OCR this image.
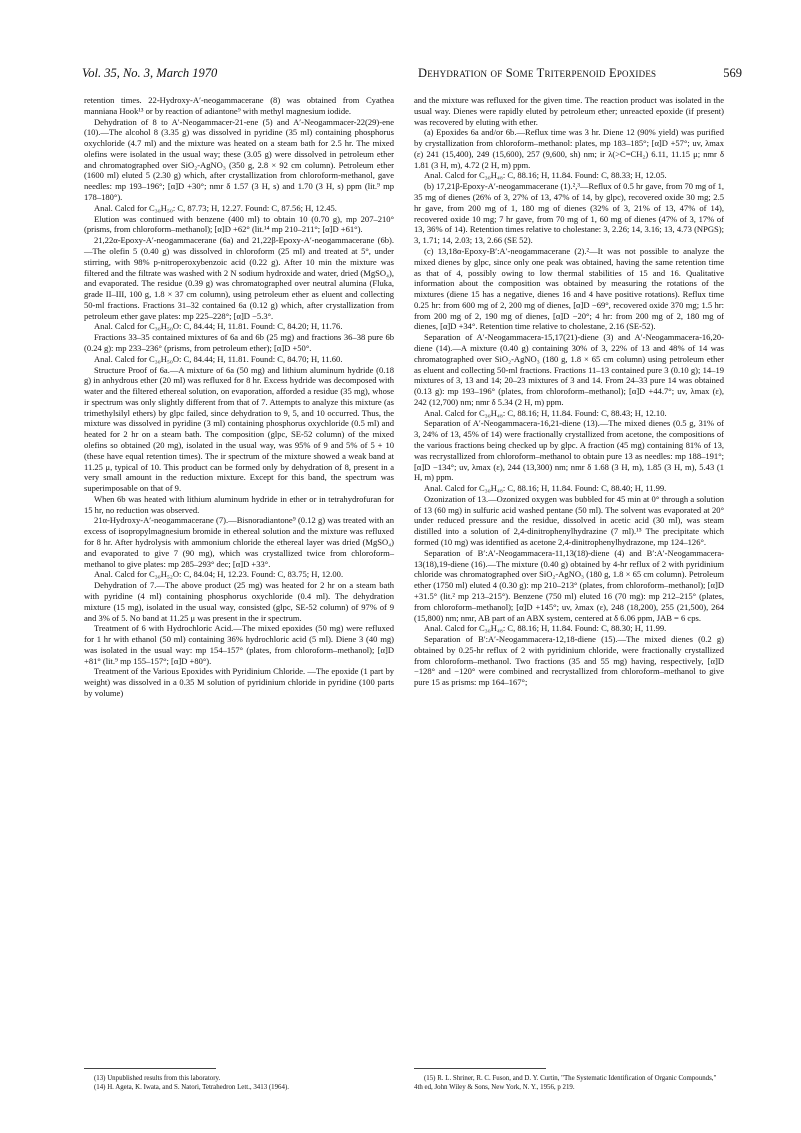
Vol. 35, No. 3, March 1970	Dehydration of Some Triterpenoid Epoxides	569

retention times. 22-Hydroxy-A′-neogammacerane (8) was obtained from Cyathea manniana Hook¹³ or by reaction of adiantone⁹ with methyl magnesium iodide.

Dehydration of 8 to A′-Neogammacer-21-ene (5) and A′-Neogammacer-22(29)-ene (10).—The alcohol 8 (3.35 g) was dissolved in pyridine (35 ml) containing phosphorus oxychloride (4.7 ml) and the mixture was heated on a steam bath for 2.5 hr. The mixed olefins were isolated in the usual way; these (3.05 g) were dissolved in petroleum ether and chromatographed over SiO₂-AgNO₃ (350 g, 2.8 × 92 cm column). Petroleum ether (1600 ml) eluted 5 (2.30 g) which, after crystallization from chloroform-methanol, gave needles: mp 193–196°; [α]D +30°; nmr δ 1.57 (3 H, s) and 1.70 (3 H, s) ppm (lit.⁹ mp 178–180°).

Anal. Calcd for C₃₀H₅₀: C, 87.73; H, 12.27. Found: C, 87.56; H, 12.45.

Elution was continued with benzene (400 ml) to obtain 10 (0.70 g), mp 207–210° (prisms, from chloroform–methanol); [α]D +62° (lit.¹⁴ mp 210–211°; [α]D +61°).

21,22α-Epoxy-A′-neogammacerane (6a) and 21,22β-Epoxy-A′-neogammacerane (6b).—The olefin 5 (0.40 g) was dissolved in chloroform (25 ml) and treated at 5°, under stirring, with 98% p-nitroperoxybenzoic acid (0.22 g). After 10 min the mixture was filtered and the filtrate was washed with 2 N sodium hydroxide and water, dried (MgSO₄), and evaporated. The residue (0.39 g) was chromatographed over neutral alumina (Fluka, grade II–III, 100 g, 1.8 × 37 cm column), using petroleum ether as eluent and collecting 50-ml fractions. Fractions 31–32 contained 6a (0.12 g) which, after crystallization from petroleum ether gave plates: mp 225–228°; [α]D −5.3°.

Anal. Calcd for C₃₀H₅₀O: C, 84.44; H, 11.81. Found: C, 84.20; H, 11.76.

Fractions 33–35 contained mixtures of 6a and 6b (25 mg) and fractions 36–38 pure 6b (0.24 g): mp 233–236° (prisms, from petroleum ether); [α]D +50°.

Anal. Calcd for C₃₀H₅₀O: C, 84.44; H, 11.81. Found: C, 84.70; H, 11.60.

Structure Proof of 6a.—A mixture of 6a (50 mg) and lithium aluminum hydride (0.18 g) in anhydrous ether (20 ml) was refluxed for 8 hr. Excess hydride was decomposed with water and the filtered ethereal solution, on evaporation, afforded a residue (35 mg), whose ir spectrum was only slightly different from that of 7. Attempts to analyze this mixture (as trimethylsilyl ethers) by glpc failed, since dehydration to 9, 5, and 10 occurred. Thus, the mixture was dissolved in pyridine (3 ml) containing phosphorus oxychloride (0.5 ml) and heated for 2 hr on a steam bath. The composition (glpc, SE-52 column) of the mixed olefins so obtained (20 mg), isolated in the usual way, was 95% of 9 and 5% of 5 + 10 (these have equal retention times). The ir spectrum of the mixture showed a weak band at 11.25 μ, typical of 10. This product can be formed only by dehydration of 8, present in a very small amount in the reduction mixture. Except for this band, the spectrum was superimposable on that of 9.

When 6b was heated with lithium aluminum hydride in ether or in tetrahydrofuran for 15 hr, no reduction was observed.

21α-Hydroxy-A′-neogammacerane (7).—Bisnoradiantone⁹ (0.12 g) was treated with an excess of isopropylmagnesium bromide in ethereal solution and the mixture was refluxed for 8 hr. After hydrolysis with ammonium chloride the ethereal layer was dried (MgSO₄) and evaporated to give 7 (90 mg), which was crystallized twice from chloroform–methanol to give plates: mp 285–293° dec; [α]D +33°.

Anal. Calcd for C₃₀H₅₂O: C, 84.04; H, 12.23. Found: C, 83.75; H, 12.00.

Dehydration of 7.—The above product (25 mg) was heated for 2 hr on a steam bath with pyridine (4 ml) containing phosphorus oxychloride (0.4 ml). The dehydration mixture (15 mg), isolated in the usual way, consisted (glpc, SE-52 column) of 97% of 9 and 3% of 5. No band at 11.25 μ was present in the ir spectrum.

Treatment of 6 with Hydrochloric Acid.—The mixed epoxides (50 mg) were refluxed for 1 hr with ethanol (50 ml) containing 36% hydrochloric acid (5 ml). Diene 3 (40 mg) was isolated in the usual way: mp 154–157° (plates, from chloroform–methanol); [α]D +81° (lit.⁹ mp 155–157°; [α]D +80°).

Treatment of the Various Epoxides with Pyridinium Chloride. —The epoxide (1 part by weight) was dissolved in a 0.35 M solution of pyridinium chloride in pyridine (100 parts by volume)

and the mixture was refluxed for the given time. The reaction product was isolated in the usual way. Dienes were rapidly eluted by petroleum ether; unreacted epoxide (if present) was recovered by eluting with ether.

(a) Epoxides 6a and/or 6b.—Reflux time was 3 hr. Diene 12 (90% yield) was purified by crystallization from chloroform–methanol: plates, mp 183–185°; [α]D +57°; uv, λmax (ε) 241 (15,400), 249 (15,600), 257 (9,600, sh) nm; ir λ(>C=CH₂) 6.11, 11.15 μ; nmr δ 1.81 (3 H, m), 4.72 (2 H, m) ppm.

Anal. Calcd for C₃₀H₄₈: C, 88.16; H, 11.84. Found: C, 88.33; H, 12.05.

(b) 17,21β-Epoxy-A′-neogammacerane (1).²,³—Reflux of 0.5 hr gave, from 70 mg of 1, 35 mg of dienes (26% of 3, 27% of 13, 47% of 14, by glpc), recovered oxide 30 mg; 2.5 hr gave, from 200 mg of 1, 180 mg of dienes (32% of 3, 21% of 13, 47% of 14), recovered oxide 10 mg; 7 hr gave, from 70 mg of 1, 60 mg of dienes (47% of 3, 17% of 13, 36% of 14). Retention times relative to cholestane: 3, 2.26; 14, 3.16; 13, 4.73 (NPGS); 3, 1.71; 14, 2.03; 13, 2.66 (SE 52).

(c) 13,18α-Epoxy-B′:A′-neogammacerane (2).²—It was not possible to analyze the mixed dienes by glpc, since only one peak was obtained, having the same retention time as that of 4, possibly owing to low thermal stabilities of 15 and 16. Qualitative information about the composition was obtained by measuring the rotations of the mixtures (diene 15 has a negative, dienes 16 and 4 have positive rotations). Reflux time 0.25 hr: from 600 mg of 2, 200 mg of dienes, [α]D −69°, recovered oxide 370 mg; 1.5 hr: from 200 mg of 2, 190 mg of dienes, [α]D −20°; 4 hr: from 200 mg of 2, 180 mg of dienes, [α]D +34°. Retention time relative to cholestane, 2.16 (SE-52).

Separation of A′-Neogammacera-15,17(21)-diene (3) and A′-Neogammacera-16,20-diene (14).—A mixture (0.40 g) containing 30% of 3, 22% of 13 and 48% of 14 was chromatographed over SiO₂-AgNO₃ (180 g, 1.8 × 65 cm column) using petroleum ether as eluent and collecting 50-ml fractions. Fractions 11–13 contained pure 3 (0.10 g); 14–19 mixtures of 3, 13 and 14; 20–23 mixtures of 3 and 14. From 24–33 pure 14 was obtained (0.13 g): mp 193–196° (plates, from chloroform–methanol); [α]D +44.7°; uv, λmax (ε), 242 (12,700) nm; nmr δ 5.34 (2 H, m) ppm.

Anal. Calcd for C₃₀H₄₈: C, 88.16; H, 11.84. Found: C, 88.43; H, 12.10.

Separation of A′-Neogammacera-16,21-diene (13).—The mixed dienes (0.5 g, 31% of 3, 24% of 13, 45% of 14) were fractionally crystallized from acetone, the compositions of the various fractions being checked up by glpc. A fraction (45 mg) containing 81% of 13, was recrystallized from chloroform–methanol to obtain pure 13 as needles: mp 188–191°; [α]D −134°; uv, λmax (ε), 244 (13,300) nm; nmr δ 1.68 (3 H, m), 1.85 (3 H, m), 5.43 (1 H, m) ppm.

Anal. Calcd for C₃₀H₄₈: C, 88.16; H, 11.84. Found: C, 88.40; H, 11.99.

Ozonization of 13.—Ozonized oxygen was bubbled for 45 min at 0° through a solution of 13 (60 mg) in sulfuric acid washed pentane (50 ml). The solvent was evaporated at 20° under reduced pressure and the residue, dissolved in acetic acid (30 ml), was steam distilled into a solution of 2,4-dinitrophenylhydrazine (7 ml).¹⁵ The precipitate which formed (10 mg) was identified as acetone 2,4-dinitrophenylhydrazone, mp 124–126°.

Separation of B′:A′-Neogammacera-11,13(18)-diene (4) and B′:A′-Neogammacera-13(18),19-diene (16).—The mixture (0.40 g) obtained by 4-hr reflux of 2 with pyridinium chloride was chromatographed over SiO₂-AgNO₃ (180 g, 1.8 × 65 cm column). Petroleum ether (1750 ml) eluted 4 (0.30 g): mp 210–213° (plates, from chloroform–methanol); [α]D +31.5° (lit.² mp 213–215°). Benzene (750 ml) eluted 16 (70 mg): mp 212–215° (plates, from chloroform–methanol); [α]D +145°; uv, λmax (ε), 248 (18,200), 255 (21,500), 264 (15,800) nm; nmr, AB part of an ABX system, centered at δ 6.06 ppm, JAB = 6 cps.

Anal. Calcd for C₃₀H₄₈: C, 88.16; H, 11.84. Found: C, 88.30; H, 11.99.

Separation of B′:A′-Neogammacera-12,18-diene (15).—The mixed dienes (0.2 g) obtained by 0.25-hr reflux of 2 with pyridinium chloride, were fractionally crystallized from chloroform–methanol. Two fractions (35 and 55 mg) having, respectively, [α]D −128° and −120° were combined and recrystallized from chloroform–methanol to give pure 15 as prisms: mp 164–167°;

(13) Unpublished results from this laboratory.

(14) H. Ageta, K. Iwata, and S. Natori, Tetrahedron Lett., 3413 (1964).

(15) R. L. Shriner, R. C. Fuson, and D. Y. Curtin, "The Systematic Identification of Organic Compounds," 4th ed, John Wiley & Sons, New York, N. Y., 1956, p 219.
